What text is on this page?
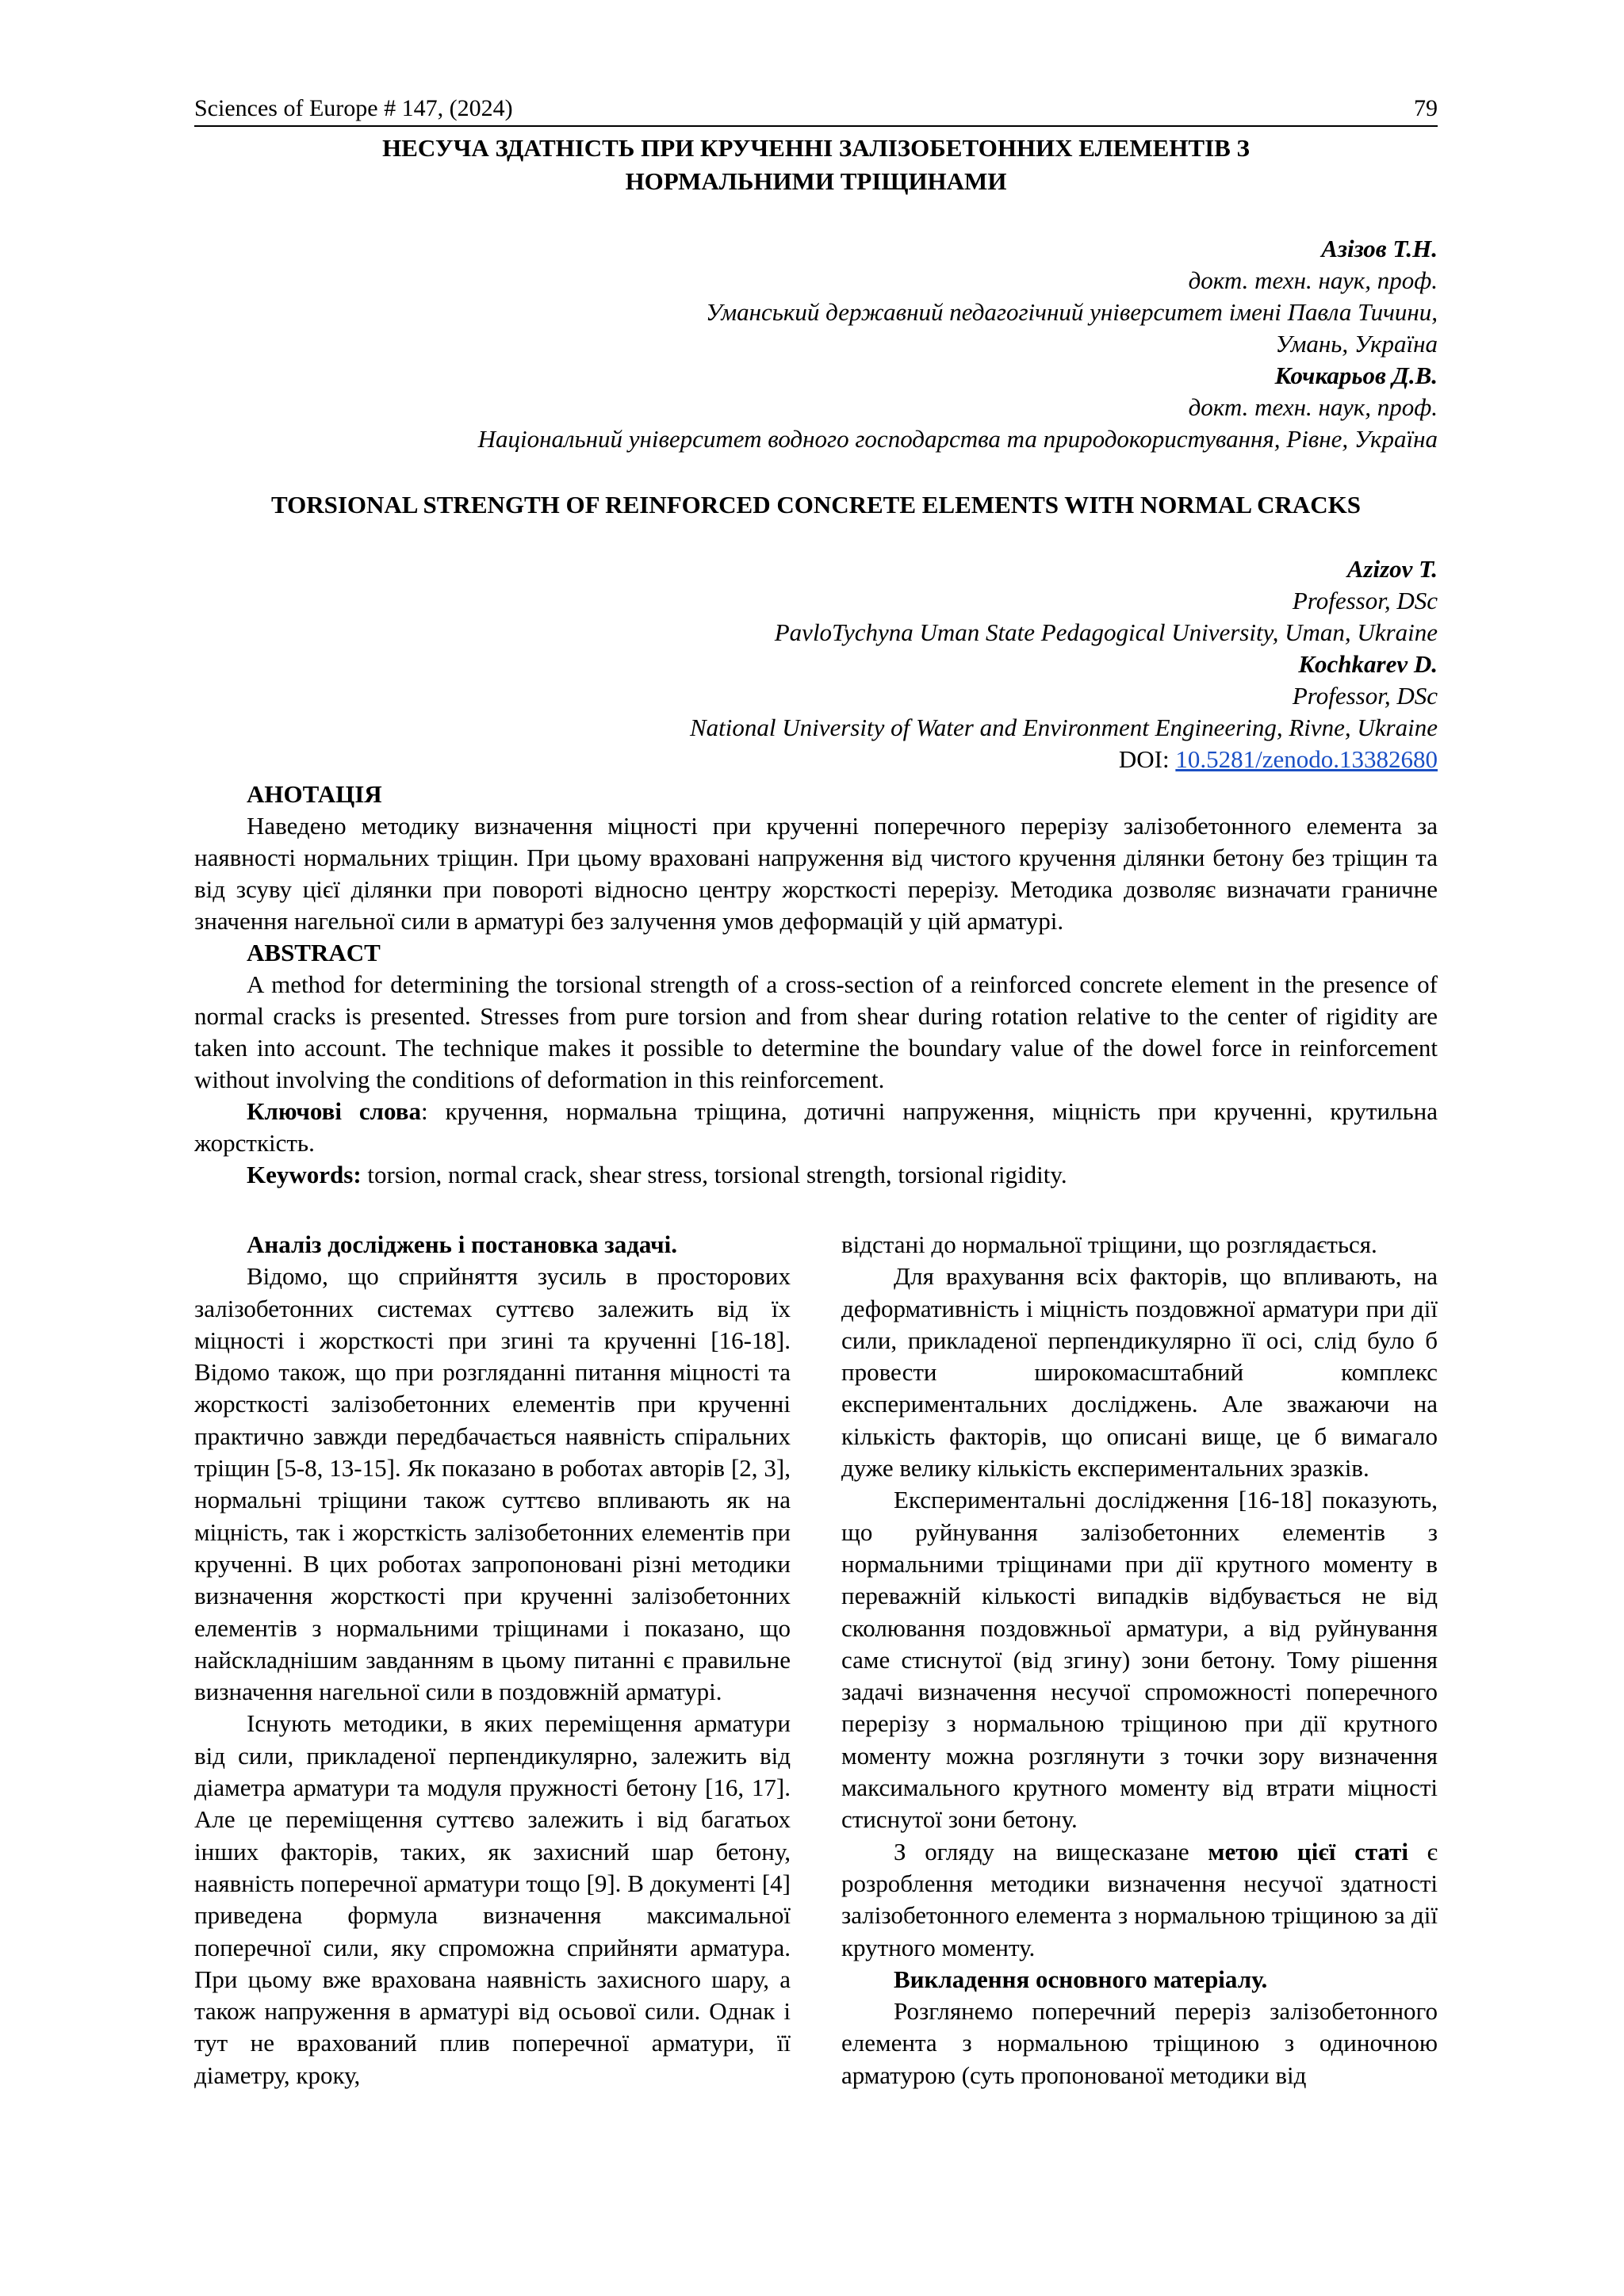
Sciences of Europe # 147, (2024)	79
НЕСУЧА ЗДАТНІСТЬ ПРИ КРУЧЕННІ ЗАЛІЗОБЕТОННИХ ЕЛЕМЕНТІВ З
НОРМАЛЬНИМИ ТРІЩИНАМИ
Азізов Т.Н.
докт. техн. наук, проф.
Уманський державний педагогічний університет імені Павла Тичини,
Умань, Україна
Кочкарьов Д.В.
докт. техн. наук, проф.
Національний університет водного господарства та природокористування, Рівне, Україна
TORSIONAL STRENGTH OF REINFORCED CONCRETE ELEMENTS WITH NORMAL CRACKS
Azizov T.
Professor, DSc
PavloTychyna Uman State Pedagogical University, Uman, Ukraine
Kochkarev D.
Professor, DSc
National University of Water and Environment Engineering, Rivne, Ukraine
DOI: 10.5281/zenodo.13382680
АНОТАЦІЯ

Наведено методику визначення міцності при крученні поперечного перерізу залізобетонного елемента за наявності нормальних тріщин. При цьому враховані напруження від чистого кручення ділянки бетону без тріщин та від зсуву цієї ділянки при повороті відносно центру жорсткості перерізу. Методика дозволяє визначати граничне значення нагельної сили в арматурі без залучення умов деформацій у цій арматурі.

ABSTRACT

A method for determining the torsional strength of a cross-section of a reinforced concrete element in the presence of normal cracks is presented. Stresses from pure torsion and from shear during rotation relative to the center of rigidity are taken into account. The technique makes it possible to determine the boundary value of the dowel force in reinforcement without involving the conditions of deformation in this reinforcement.

Ключові слова: кручення, нормальна тріщина, дотичні напруження, міцність при крученні, крутильна жорсткість.

Keywords: torsion, normal crack, shear stress, torsional strength, torsional rigidity.

Аналіз досліджень і постановка задачі.

Відомо, що сприйняття зусиль в просторових залізобетонних системах суттєво залежить від їх міцності і жорсткості при згині та крученні [16-18]. Відомо також, що при розгляданні питання міцності та жорсткості залізобетонних елементів при крученні практично завжди передбачається наявність спіральних тріщин [5-8, 13-15]. Як показано в роботах авторів [2, 3], нормальні тріщини також суттєво впливають як на міцність, так і жорсткість залізобетонних елементів при крученні. В цих роботах запропоновані різні методики визначення жорсткості при крученні залізобетонних елементів з нормальними тріщинами і показано, що найскладнішим завданням в цьому питанні є правильне визначення нагельної сили в поздовжній арматурі.

Існують методики, в яких переміщення арматури від сили, прикладеної перпендикулярно, залежить від діаметра арматури та модуля пружності бетону [16, 17]. Але це переміщення суттєво залежить і від багатьох інших факторів, таких, як захисний шар бетону, наявність поперечної арматури тощо [9]. В документі [4] приведена формула визначення максимальної поперечної сили, яку спроможна сприйняти арматура. При цьому вже врахована наявність захисного шару, а також напруження в арматурі від осьової сили. Однак і тут не врахований плив поперечної арматури, її діаметру, кроку,

відстані до нормальної тріщини, що розглядається.

Для врахування всіх факторів, що впливають, на деформативність і міцність поздовжної арматури при дії сили, прикладеної перпендикулярно її осі, слід було б провести широкомасштабний комплекс експериментальних досліджень. Але зважаючи на кількість факторів, що описані вище, це б вимагало дуже велику кількість експериментальних зразків.

Експериментальні дослідження [16-18] показують, що руйнування залізобетонних елементів з нормальними тріщинами при дії крутного моменту в переважній кількості випадків відбувається не від сколювання поздовжньої арматури, а від руйнування саме стиснутої (від згину) зони бетону. Тому рішення задачі визначення несучої спроможності поперечного перерізу з нормальною тріщиною при дії крутного моменту можна розглянути з точки зору визначення максимального крутного моменту від втрати міцності стиснутої зони бетону.

З огляду на вищесказане метою цієї статі є розроблення методики визначення несучої здатності залізобетонного елемента з нормальною тріщиною за дії крутного моменту.

Викладення основного матеріалу.

Розглянемо поперечний переріз залізобетонного елемента з нормальною тріщиною з одиночною арматурою (суть пропонованої методики від
